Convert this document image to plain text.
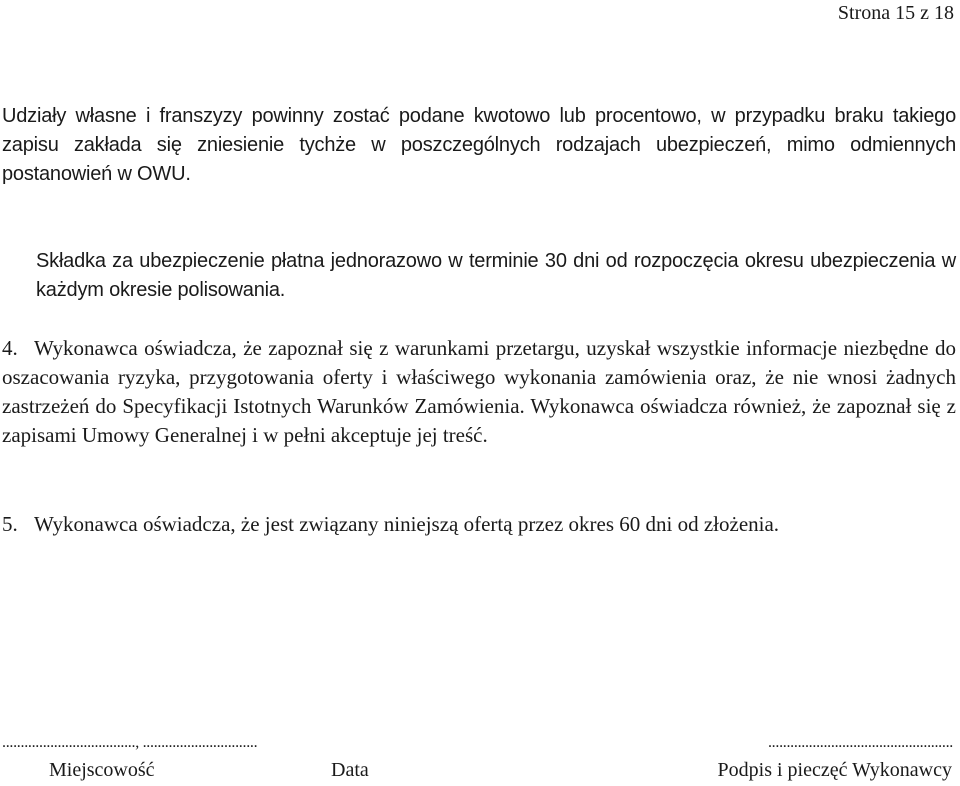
Strona 15 z 18

Udziały własne i franszyzy powinny zostać podane kwotowo lub procentowo, w przypadku braku takiego zapisu zakłada się zniesienie tychże w poszczególnych rodzajach ubezpieczeń, mimo odmiennych postanowień w OWU.

Składka za ubezpieczenie płatna jednorazowo w terminie 30 dni od rozpoczęcia okresu ubezpieczenia w każdym okresie polisowania.

4. Wykonawca oświadcza, że zapoznał się z warunkami przetargu, uzyskał wszystkie informacje niezbędne do oszacowania ryzyka, przygotowania oferty i właściwego wykonania zamówienia oraz, że nie wnosi żadnych zastrzeżeń do Specyfikacji Istotnych Warunków Zamówienia. Wykonawca oświadcza również, że zapoznał się z zapisami Umowy Generalnej i w pełni akceptuje jej treść.

5. Wykonawca oświadcza, że jest związany niniejszą ofertą przez okres 60 dni od złożenia.

...................................., ...............................	..................................................
Miejscowość	Data	Podpis i pieczęć Wykonawcy
